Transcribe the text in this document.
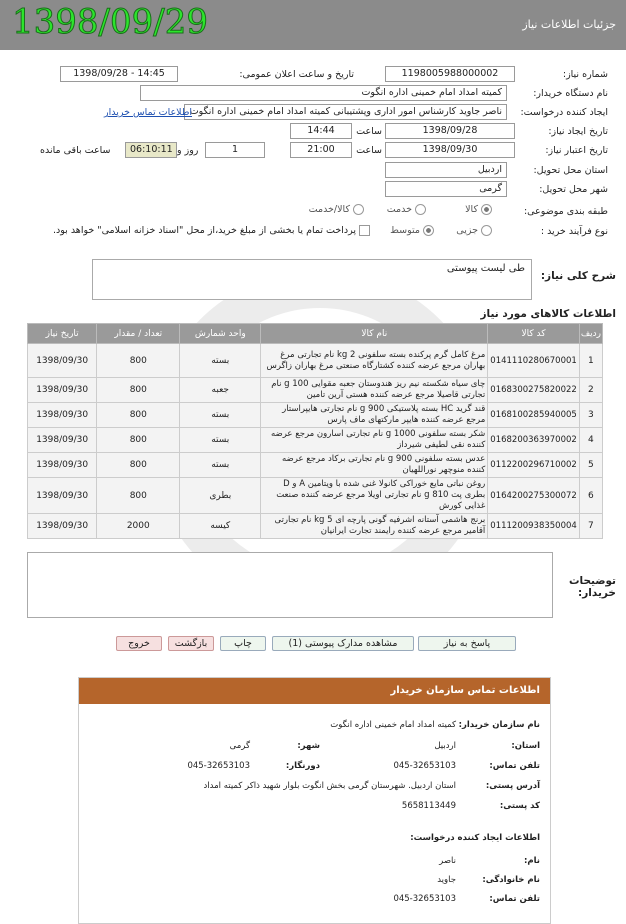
جزئیات اطلاعات نیاز
1398/09/29
شماره نیاز:
1198005988000002
تاریخ و ساعت اعلان عمومی:
1398/09/28 - 14:45
نام دستگاه خریدار:
کمیته امداد امام خمینی اداره انگوت
ایجاد کننده درخواست:
ناصر جاوید کارشناس امور اداری وپشتیبانی کمیته امداد امام خمینی اداره انگوت
اطلاعات تماس خریدار
تاریخ ایجاد نیاز:
1398/09/28
ساعت
14:44
تاریخ اعتبار نیاز:
1398/09/30
ساعت
21:00
1
روز و
06:10:11
ساعت باقی مانده
استان محل تحویل:
اردبیل
شهر محل تحویل:
گرمی
طبقه بندی موضوعی:
کالا
خدمت
کالا/خدمت
نوع فرآیند خرید :
جزیی
متوسط
پرداخت تمام یا بخشی از مبلغ خرید،از محل "اسناد خزانه اسلامی" خواهد بود.
شرح کلی نیاز:
طی لیست پیوستی
اطلاعات کالاهای مورد نیاز
ردیف	کد کالا	نام کالا	واحد شمارش	تعداد / مقدار	تاریخ نیاز
1	0141110280670001	مرغ کامل گرم پرکنده بسته سلفونی 2 kg نام تجارتی مرغ بهاران مرجع عرضه کننده کشتارگاه صنعتی مرغ بهاران زاگرس	بسته	800	1398/09/30
2	0168300275820022	چای سیاه شکسته نیم ریز هندوستان جعبه مقوایی 100 g نام تجارتی قاصیلا مرجع عرضه کننده هستی آرین تامین	جعبه	800	1398/09/30
3	0168100285940005	قند گرید HC بسته پلاستیکی 900 g نام تجارتی هایپراستار مرجع عرضه کننده هایپر مارکتهای ماف پارس	بسته	800	1398/09/30
4	0168200363970002	شکر بسته سلفونی 1000 g نام تجارتی اسارون مرجع عرضه کننده نقی لطیفی شیرداز	بسته	800	1398/09/30
5	0112200296710002	عدس بسته سلفونی 900 g نام تجارتی برکاد مرجع عرضه کننده منوچهر نوراللهیان	بسته	800	1398/09/30
6	0164200275300072	روغن نباتی مایع خوراکی کانولا غنی شده با ویتامین A و D بطری پت 810 g نام تجارتی اویلا مرجع عرضه کننده صنعت غذایی کورش	بطری	800	1398/09/30
7	0111200938350004	برنج هاشمی آستانه اشرفیه گونی پارچه ای 5 kg نام تجارتی آقامیر مرجع عرضه کننده رایمند تجارت ایرانیان	کیسه	2000	1398/09/30
توضیحات خریدار:
پاسخ به نیاز
مشاهده مدارک پیوستی (1)
چاپ
بازگشت
خروج
اطلاعات تماس سازمان خریدار
نام سازمان خریدار:
کمیته امداد امام خمینی اداره انگوت
استان:
اردبیل
شهر:
گرمی
تلفن تماس:
045-32653103
دورنگار:
045-32653103
آدرس پستی:
استان اردبیل. شهرستان گرمی بخش انگوت بلوار شهید ذاکر کمیته امداد
کد پستی:
5658113449
اطلاعات ایجاد کننده درخواست:
نام:
ناصر
نام خانوادگی:
جاوید
تلفن تماس:
045-32653103
